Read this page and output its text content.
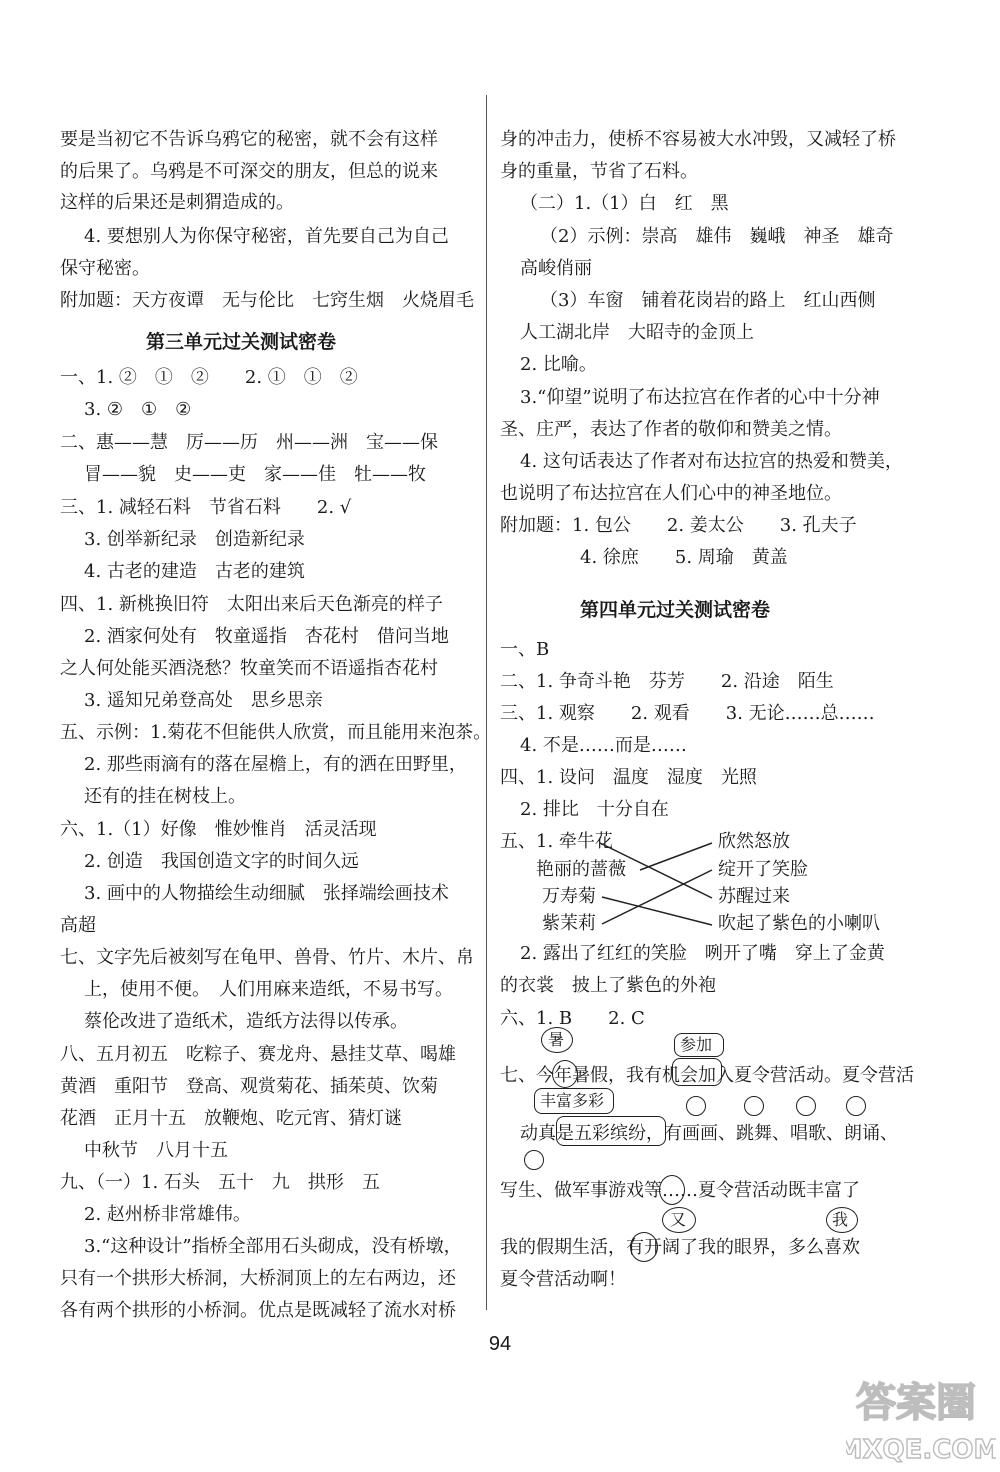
要是当初它不告诉乌鸦它的秘密，就不会有这样
的后果了。乌鸦是不可深交的朋友，但总的说来
这样的后果还是刺猬造成的。
4. 要想别人为你保守秘密，首先要自己为自己
保守秘密。
附加题：天方夜谭　无与伦比　七窍生烟　火烧眉毛
第三单元过关测试密卷
一、1. ②　①　②　　2. ①　①　②
3. ②　①　②
二、惠——慧　厉——历　州——洲　宝——保
冒——貌　史——吏　家——佳　牡——牧
三、1. 减轻石料　节省石料　　2. √
3. 创举新纪录　创造新纪录
4. 古老的建造　古老的建筑
四、1. 新桃换旧符　太阳出来后天色渐亮的样子
2. 酒家何处有　牧童遥指　杏花村　借问当地
之人何处能买酒浇愁？牧童笑而不语遥指杏花村
3. 遥知兄弟登高处　思乡思亲
五、示例：1.菊花不但能供人欣赏，而且能用来泡茶。
2. 那些雨滴有的落在屋檐上，有的洒在田野里，
还有的挂在树枝上。
六、1.（1）好像　惟妙惟肖　活灵活现
2. 创造　我国创造文字的时间久远
3. 画中的人物描绘生动细腻　张择端绘画技术
高超
七、文字先后被刻写在龟甲、兽骨、竹片、木片、帛
上，使用不便。　人们用麻来造纸，不易书写。
蔡伦改进了造纸术，造纸方法得以传承。
八、五月初五　吃粽子、赛龙舟、悬挂艾草、喝雄
黄酒　重阳节　登高、观赏菊花、插茱萸、饮菊
花酒　正月十五　放鞭炮、吃元宵、猜灯谜
中秋节　八月十五
九、（一）1. 石头　五十　九　拱形　五
2. 赵州桥非常雄伟。
3.“这种设计”指桥全部用石头砌成，没有桥墩，
只有一个拱形大桥洞，大桥洞顶上的左右两边，还
各有两个拱形的小桥洞。优点是既减轻了流水对桥
身的冲击力，使桥不容易被大水冲毁，又减轻了桥
身的重量，节省了石料。
（二）1.（1）白　红　黑
（2）示例：崇高　雄伟　巍峨　神圣　雄奇
高峻俏丽
（3）车窗　铺着花岗岩的路上　红山西侧
人工湖北岸　大昭寺的金顶上
2. 比喻。
3.“仰望”说明了布达拉宫在作者的心中十分神
圣、庄严，表达了作者的敬仰和赞美之情。
4. 这句话表达了作者对布达拉宫的热爱和赞美，
也说明了布达拉宫在人们心中的神圣地位。
附加题：1. 包公　　2. 姜太公　　3. 孔夫子
4. 徐庶　　5. 周瑜　黄盖
第四单元过关测试密卷
一、B
二、1. 争奇斗艳　芬芳　　2. 沿途　陌生
三、1. 观察　　2. 观看　　3. 无论……总……
4. 不是……而是……
四、1. 设问　温度　湿度　光照
2. 排比　十分自在
五、1. 牵牛花
艳丽的蔷薇
万寿菊
紫茉莉
欣然怒放
绽开了笑脸
苏醒过来
吹起了紫色的小喇叭
2. 露出了红红的笑脸　咧开了嘴　穿上了金黄
的衣裳　披上了紫色的外袍
六、1. B　　2. C
暑	参加
七、今年暑假，我有机会加入夏令营活动。夏令营活
丰富多彩
动真是五彩缤纷，有画画、跳舞、唱歌、朗诵、
写生、做军事游戏等……夏令营活动既丰富了
又	我
我的假期生活，有开阔了我的眼界，多么喜欢
夏令营活动啊！
94
答案圈
MXQE.COM
